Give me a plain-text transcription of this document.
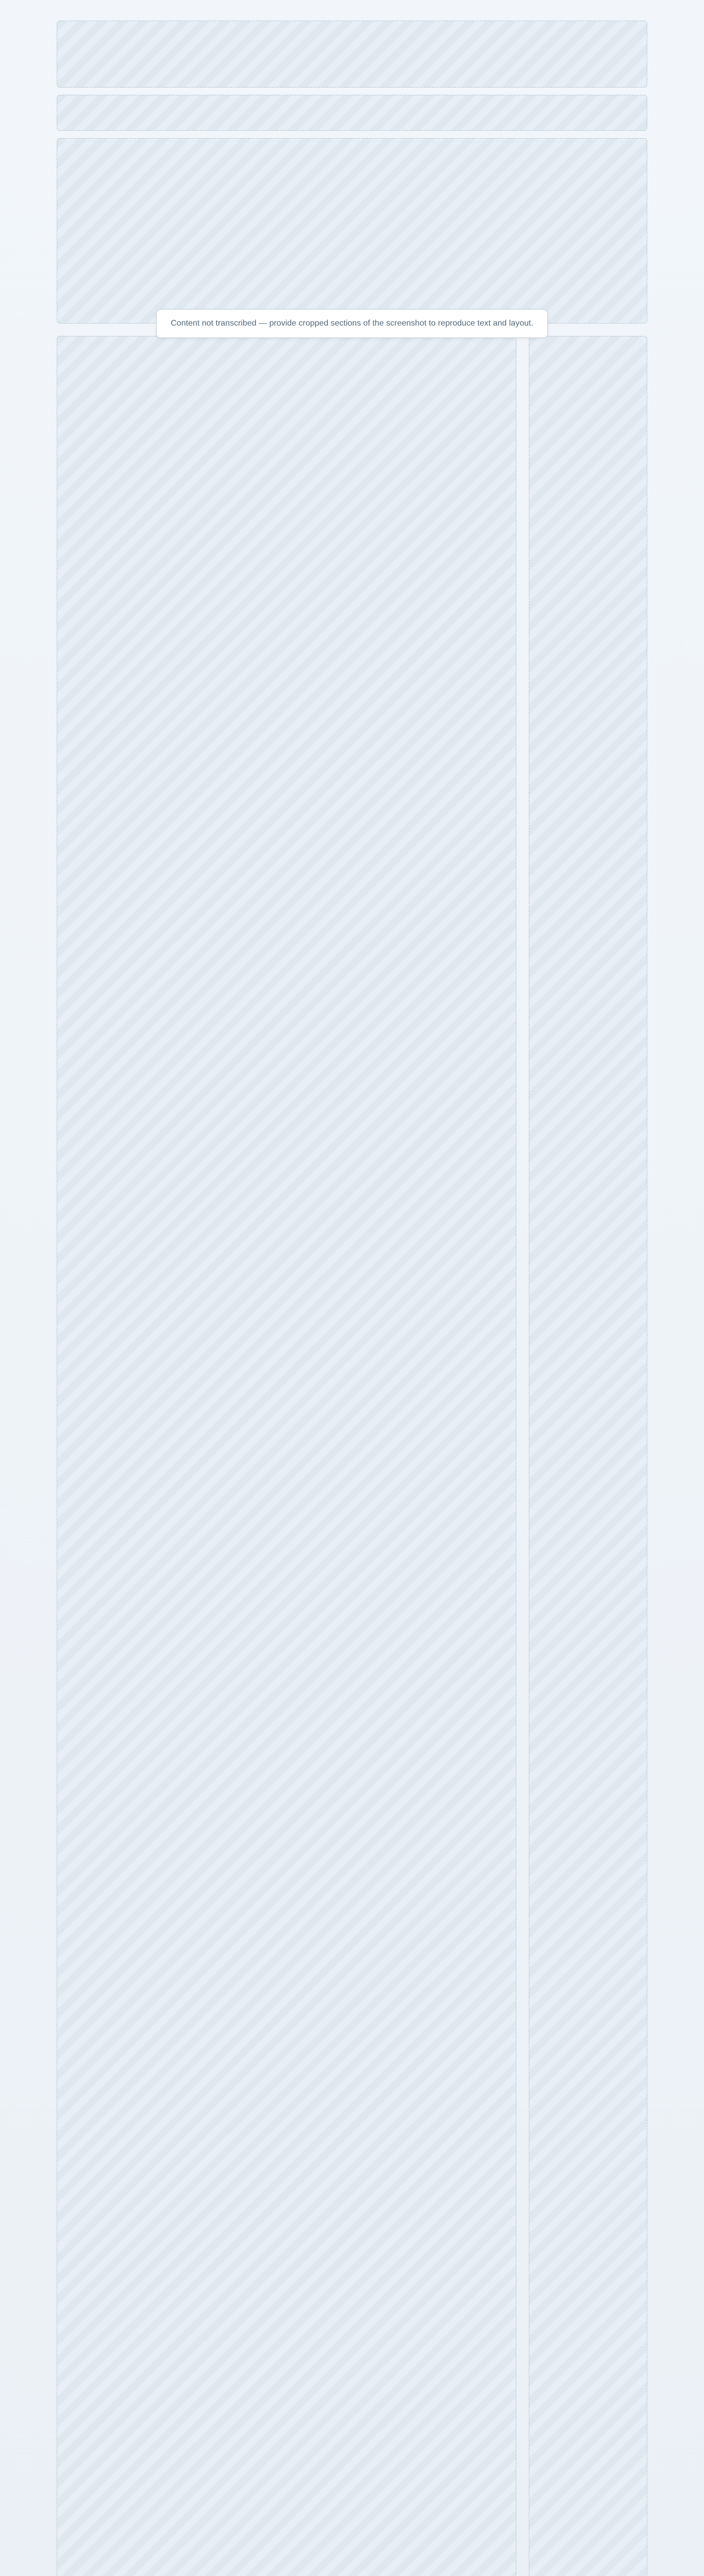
Content not transcribed — provide cropped sections of the screenshot to reproduce text and layout.
